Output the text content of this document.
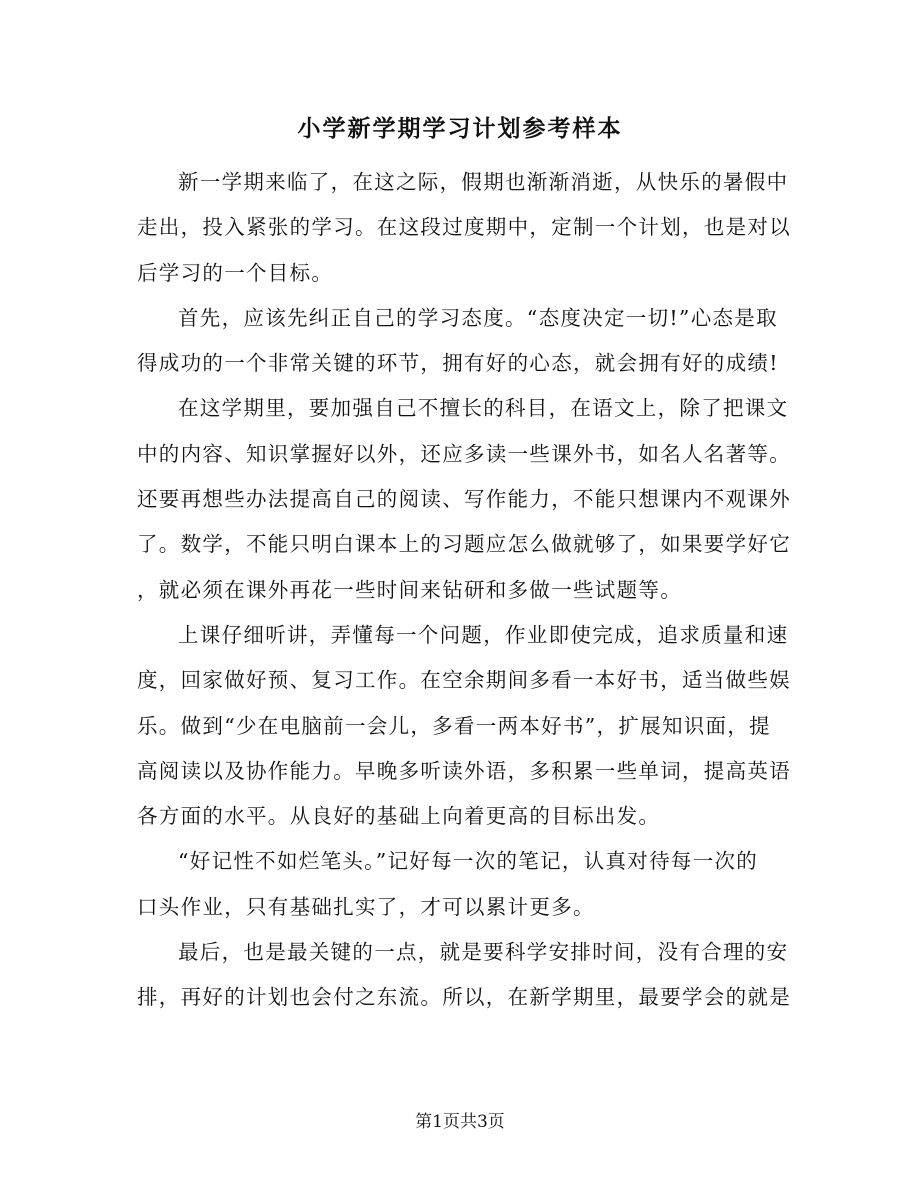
小学新学期学习计划参考样本
新一学期来临了，在这之际，假期也渐渐消逝，从快乐的暑假中
走出，投入紧张的学习。在这段过度期中，定制一个计划，也是对以
后学习的一个目标。
首先，应该先纠正自己的学习态度。“态度决定一切!”心态是取
得成功的一个非常关键的环节，拥有好的心态，就会拥有好的成绩!
在这学期里，要加强自己不擅长的科目，在语文上，除了把课文
中的内容、知识掌握好以外，还应多读一些课外书，如名人名著等。
还要再想些办法提高自己的阅读、写作能力，不能只想课内不观课外
了。数学，不能只明白课本上的习题应怎么做就够了，如果要学好它
，就必须在课外再花一些时间来钻研和多做一些试题等。
上课仔细听讲，弄懂每一个问题，作业即使完成，追求质量和速
度，回家做好预、复习工作。在空余期间多看一本好书，适当做些娱
乐。做到“少在电脑前一会儿，多看一两本好书”，扩展知识面，提
高阅读以及协作能力。早晚多听读外语，多积累一些单词，提高英语
各方面的水平。从良好的基础上向着更高的目标出发。
“好记性不如烂笔头。”记好每一次的笔记，认真对待每一次的
口头作业，只有基础扎实了，才可以累计更多。
最后，也是最关键的一点，就是要科学安排时间，没有合理的安
排，再好的计划也会付之东流。所以，在新学期里，最要学会的就是
第1页共3页
